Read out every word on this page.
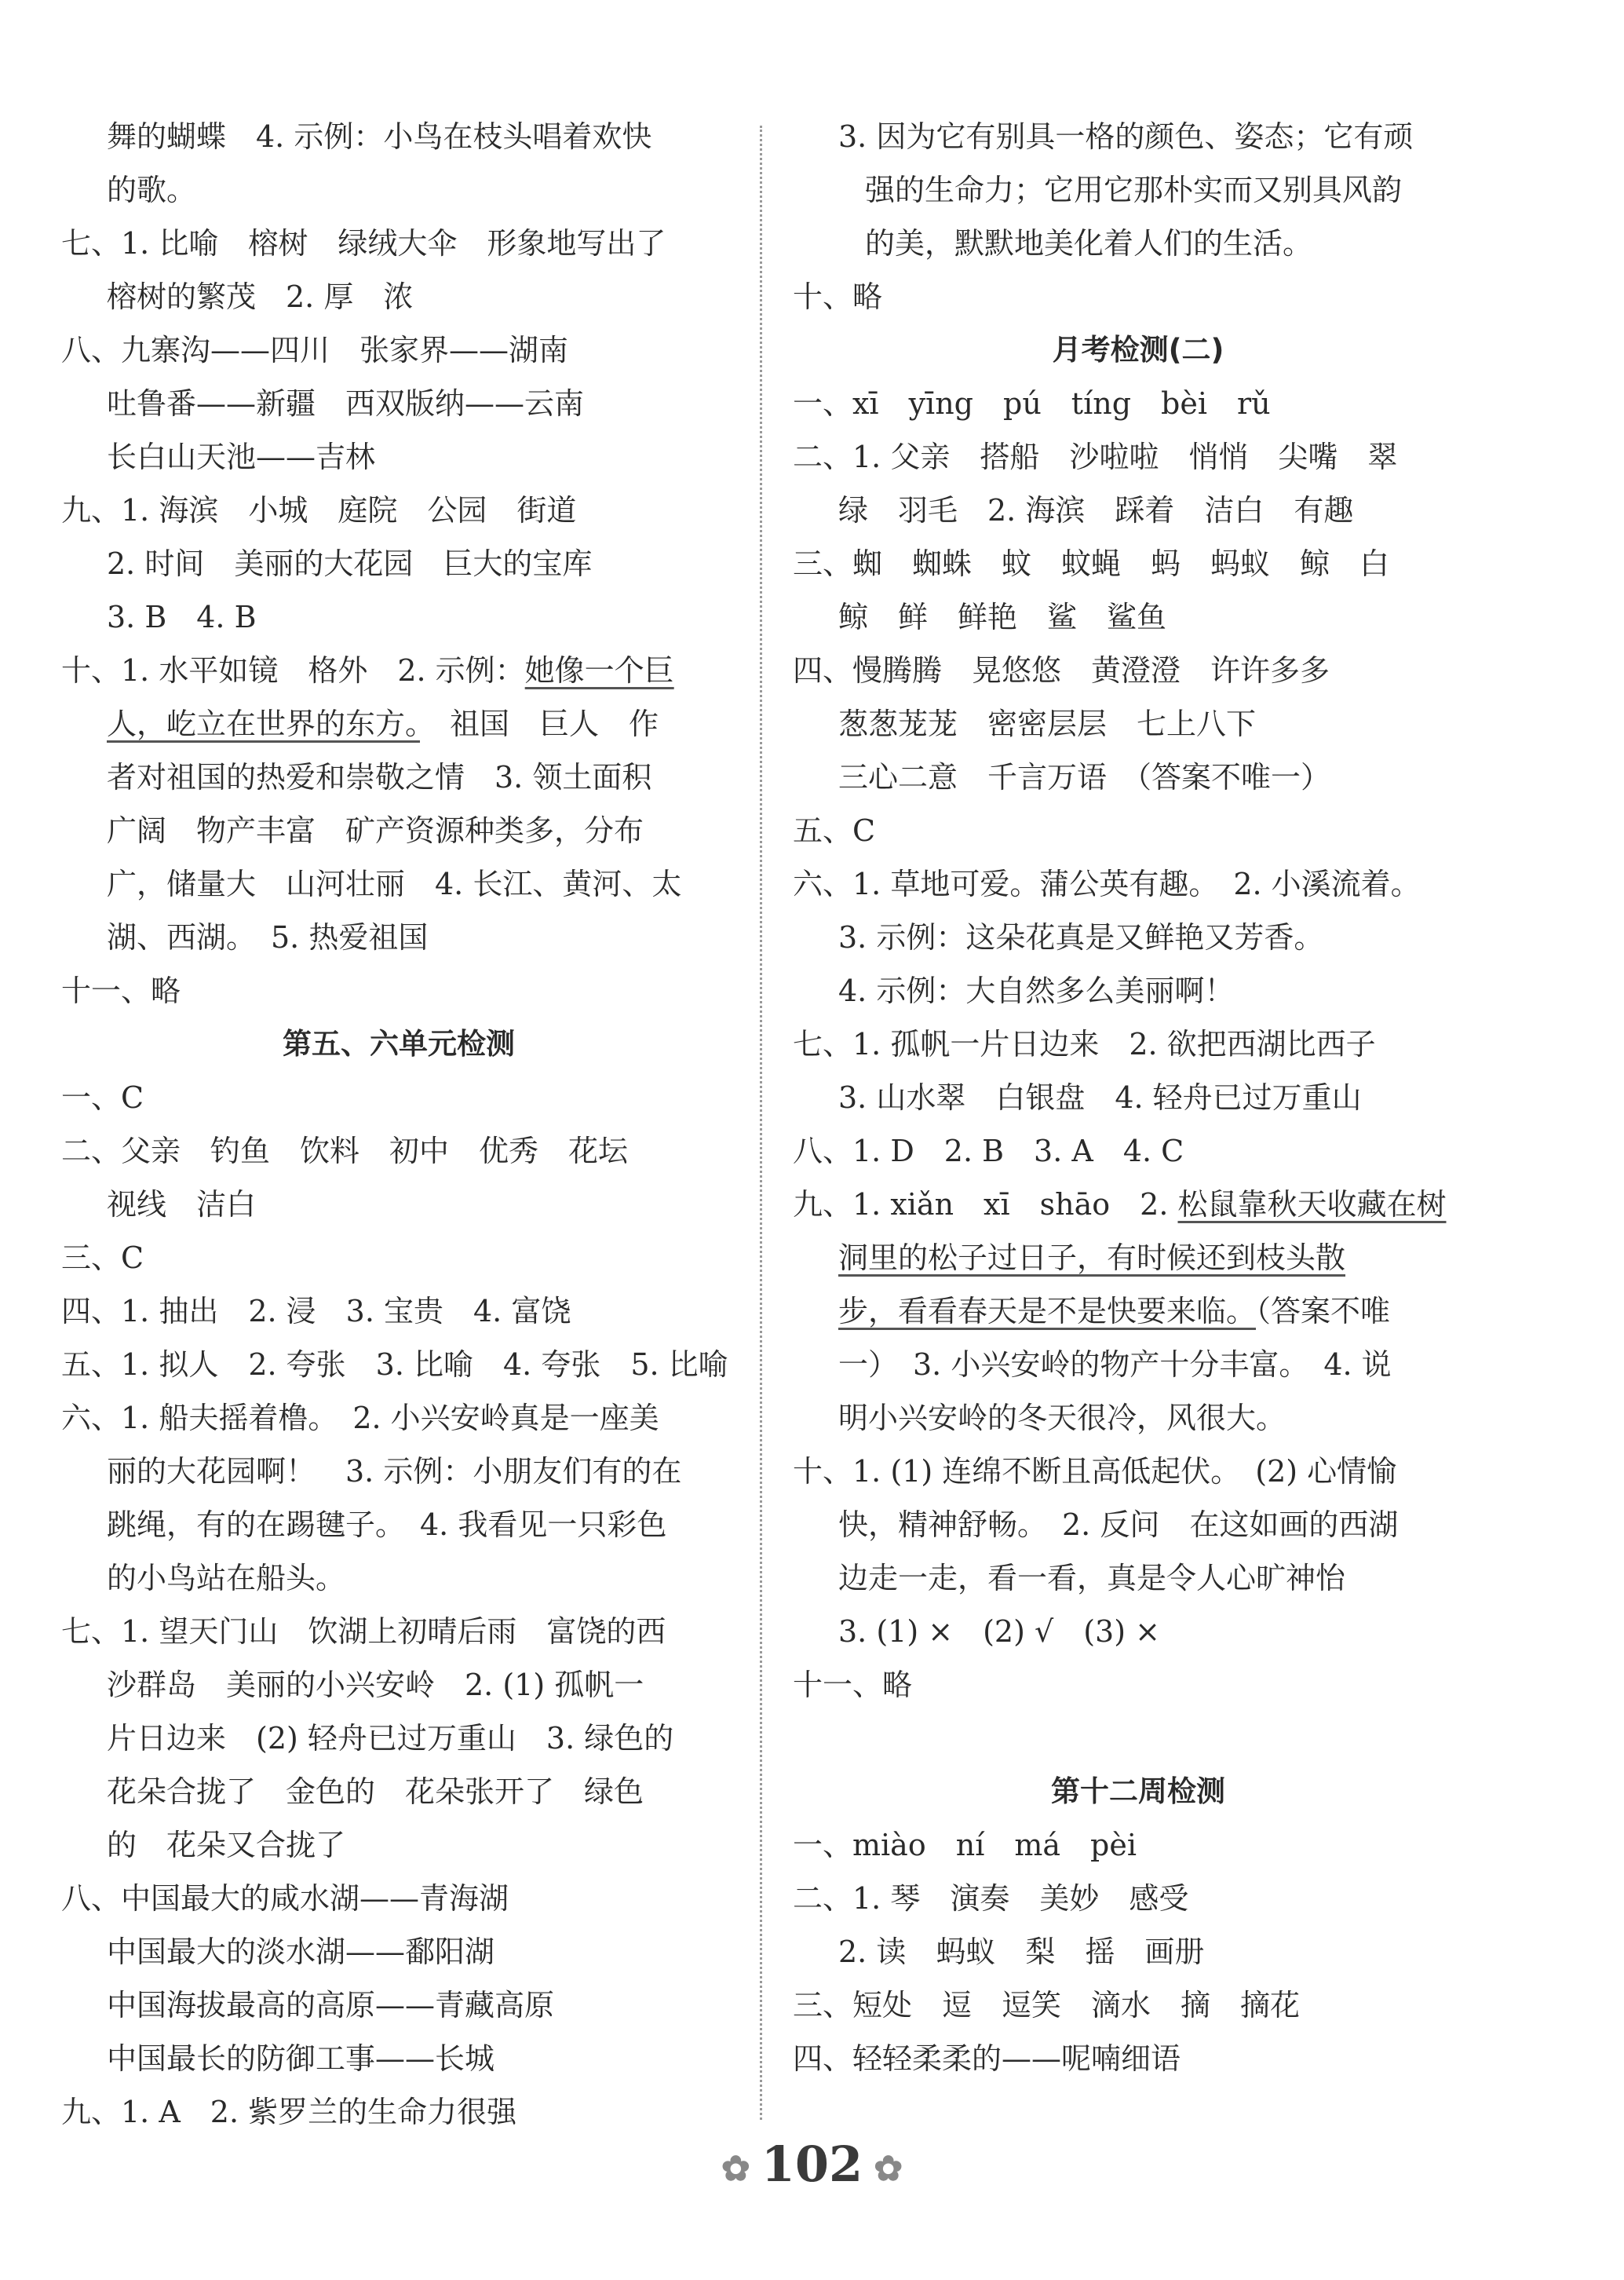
舞的蝴蝶　4. 示例：小鸟在枝头唱着欢快
的歌。
七、1. 比喻　榕树　绿绒大伞　形象地写出了
榕树的繁茂　2. 厚　浓
八、九寨沟——四川　张家界——湖南
吐鲁番——新疆　西双版纳——云南
长白山天池——吉林
九、1. 海滨　小城　庭院　公园　街道
2. 时间　美丽的大花园　巨大的宝库
3. B　4. B
十、1. 水平如镜　格外　2. 示例：她像一个巨
人，屹立在世界的东方。　祖国　巨人　作
者对祖国的热爱和崇敬之情　3. 领土面积
广阔　物产丰富　矿产资源种类多，分布
广，储量大　山河壮丽　4. 长江、黄河、太
湖、西湖。　5. 热爱祖国
十一、略
第五、六单元检测
一、C
二、父亲　钓鱼　饮料　初中　优秀　花坛
视线　洁白
三、C
四、1. 抽出　2. 浸　3. 宝贵　4. 富饶
五、1. 拟人　2. 夸张　3. 比喻　4. 夸张　5. 比喻
六、1. 船夫摇着橹。　2. 小兴安岭真是一座美
丽的大花园啊！　3. 示例：小朋友们有的在
跳绳，有的在踢毽子。　4. 我看见一只彩色
的小鸟站在船头。
七、1. 望天门山　饮湖上初晴后雨　富饶的西
沙群岛　美丽的小兴安岭　2. (1) 孤帆一
片日边来　(2) 轻舟已过万重山　3. 绿色的
花朵合拢了　金色的　花朵张开了　绿色
的　花朵又合拢了
八、中国最大的咸水湖——青海湖
中国最大的淡水湖——鄱阳湖
中国海拔最高的高原——青藏高原
中国最长的防御工事——长城
九、1. A　2. 紫罗兰的生命力很强
3. 因为它有别具一格的颜色、姿态；它有顽
强的生命力；它用它那朴实而又别具风韵
的美，默默地美化着人们的生活。
十、略
月考检测(二)
一、xī　yīng　pú　tíng　bèi　rǔ
二、1. 父亲　搭船　沙啦啦　悄悄　尖嘴　翠
绿　羽毛　2. 海滨　踩着　洁白　有趣
三、蜘　蜘蛛　蚊　蚊蝇　蚂　蚂蚁　鲸　白
鲸　鲜　鲜艳　鲨　鲨鱼
四、慢腾腾　晃悠悠　黄澄澄　许许多多
葱葱茏茏　密密层层　七上八下
三心二意　千言万语　（答案不唯一）
五、C
六、1. 草地可爱。蒲公英有趣。　2. 小溪流着。
3. 示例：这朵花真是又鲜艳又芳香。
4. 示例：大自然多么美丽啊！
七、1. 孤帆一片日边来　2. 欲把西湖比西子
3. 山水翠　白银盘　4. 轻舟已过万重山
八、1. D　2. B　3. A　4. C
九、1. xiǎn　xī　shāo　2. 松鼠靠秋天收藏在树
洞里的松子过日子，有时候还到枝头散
步，看看春天是不是快要来临。（答案不唯
一）　3. 小兴安岭的物产十分丰富。　4. 说
明小兴安岭的冬天很冷，风很大。
十、1. (1) 连绵不断且高低起伏。　(2) 心情愉
快，精神舒畅。　2. 反问　在这如画的西湖
边走一走，看一看，真是令人心旷神怡
3. (1) ×　(2) √　(3) ×
十一、略
第十二周检测
一、miào　ní　má　pèi
二、1. 琴　演奏　美妙　感受
2. 读　蚂蚁　梨　摇　画册
三、短处　逗　逗笑　滴水　摘　摘花
四、轻轻柔柔的——呢喃细语
✿ 102 ✿
